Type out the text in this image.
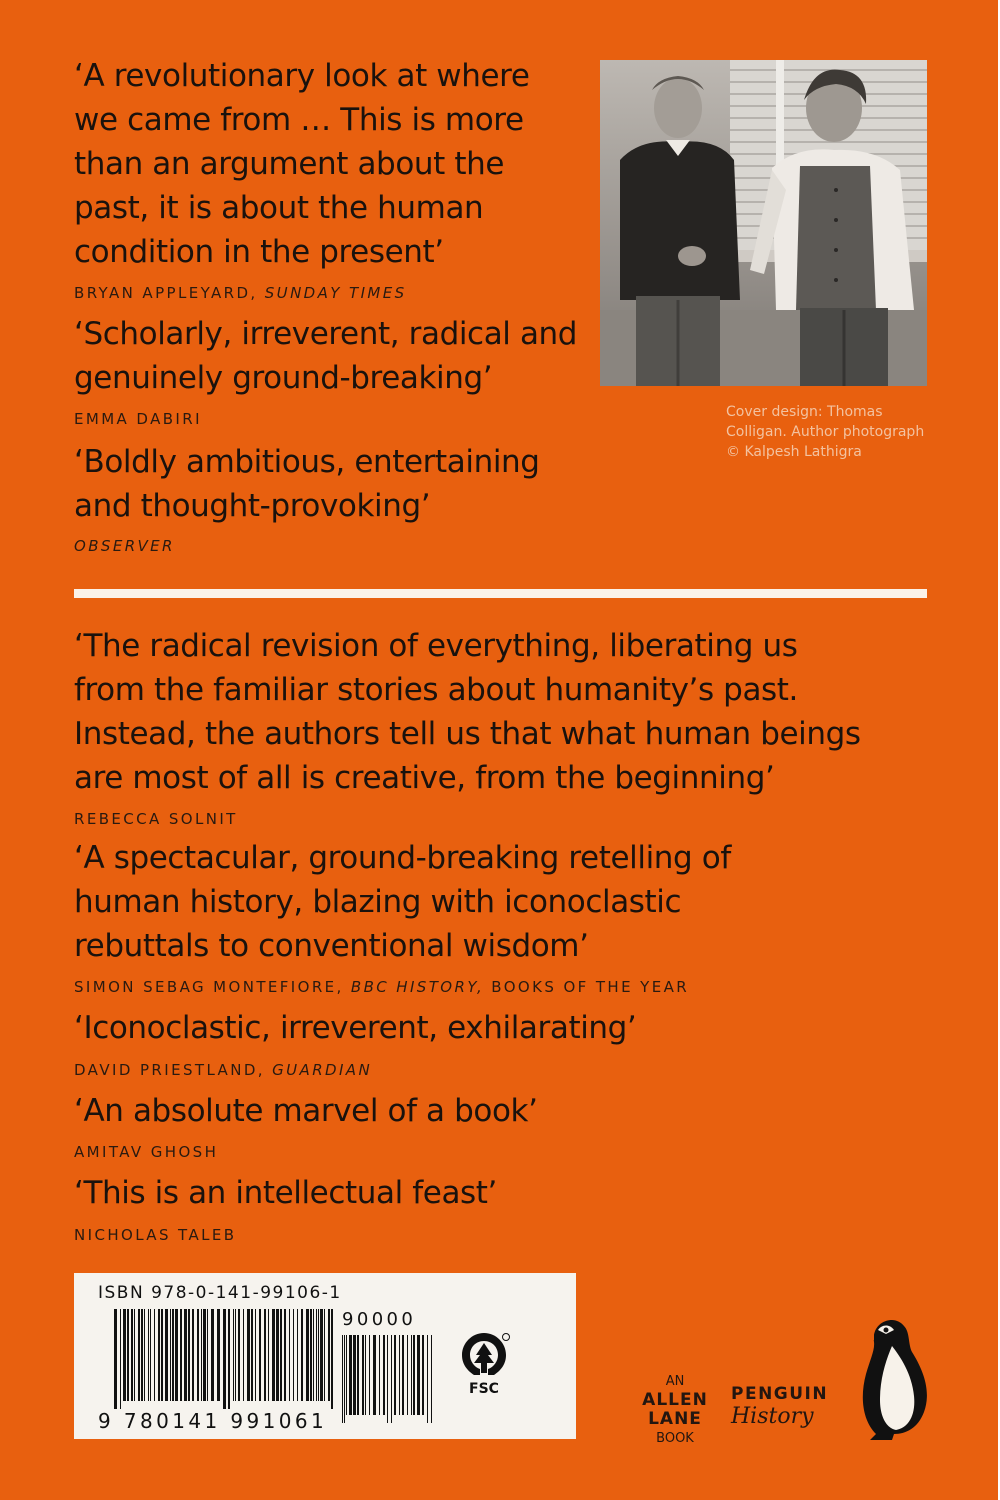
‘A revolutionary look at where
we came from … This is more
than an argument about the
past, it is about the human
condition in the present’
BRYAN APPLEYARD, SUNDAY TIMES
‘Scholarly, irreverent, radical and
genuinely ground-breaking’
EMMA DABIRI
‘Boldly ambitious, entertaining
and thought-provoking’
OBSERVER
Cover design: Thomas
Colligan. Author photograph
© Kalpesh Lathigra
‘The radical revision of everything, liberating us
from the familiar stories about humanity’s past.
Instead, the authors tell us that what human beings
are most of all is creative, from the beginning’
REBECCA SOLNIT
‘A spectacular, ground-breaking retelling of
human history, blazing with iconoclastic
rebuttals to conventional wisdom’
SIMON SEBAG MONTEFIORE, BBC HISTORY, BOOKS OF THE YEAR
‘Iconoclastic, irreverent, exhilarating’
DAVID PRIESTLAND, GUARDIAN
‘An absolute marvel of a book’
AMITAV GHOSH
‘This is an intellectual feast’
NICHOLAS TALEB
ISBN 978-0-141-99106-1
90000
9 780141 991061
FSC	AN
ALLEN
LANE
BOOK
PENGUIN
History
